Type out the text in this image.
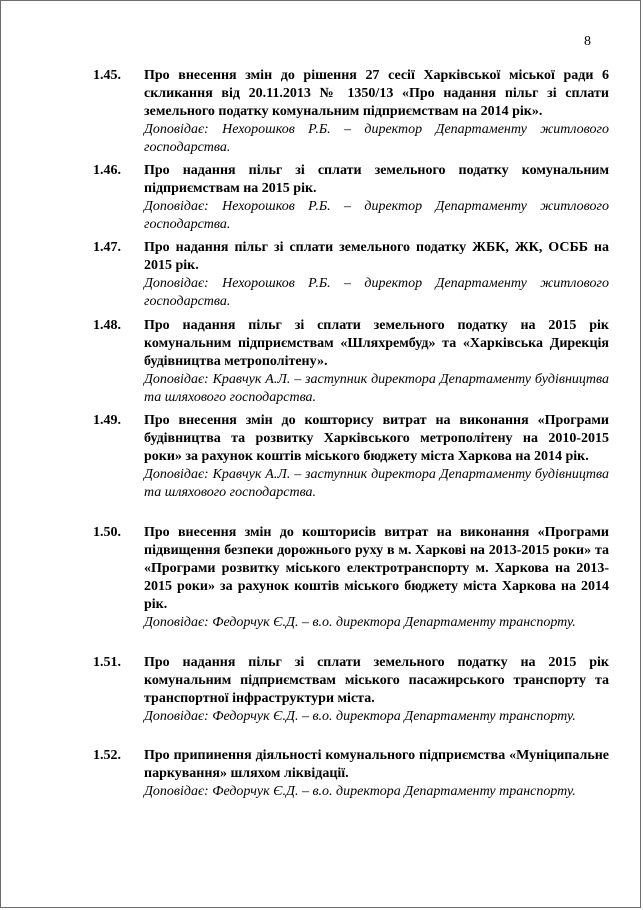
8
1.45. Про внесення змін до рішення 27 сесії Харківської міської ради 6 скликання від 20.11.2013 № 1350/13 «Про надання пільг зі сплати земельного податку комунальним підприємствам на 2014 рік».

Доповідає: Нехорошков Р.Б. – директор Департаменту житлового господарства.

1.46. Про надання пільг зі сплати земельного податку комунальним підприємствам на 2015 рік.

Доповідає: Нехорошков Р.Б. – директор Департаменту житлового господарства.

1.47. Про надання пільг зі сплати земельного податку ЖБК, ЖК, ОСББ на 2015 рік.

Доповідає: Нехорошков Р.Б. – директор Департаменту житлового господарства.

1.48. Про надання пільг зі сплати земельного податку на 2015 рік комунальним підприємствам «Шляхрембуд» та «Харківська Дирекція будівництва метрополітену».

Доповідає: Кравчук А.Л. – заступник директора Департаменту будівництва та шляхового господарства.

1.49. Про внесення змін до кошторису витрат на виконання «Програми будівництва та розвитку Харківського метрополітену на 2010-2015 роки» за рахунок коштів міського бюджету міста Харкова на 2014 рік.

Доповідає: Кравчук А.Л. – заступник директора Департаменту будівництва та шляхового господарства.

1.50. Про внесення змін до кошторисів витрат на виконання «Програми підвищення безпеки дорожнього руху в м. Харкові на 2013-2015 роки» та «Програми розвитку міського електротранспорту м. Харкова на 2013-2015 роки» за рахунок коштів міського бюджету міста Харкова на 2014 рік.

Доповідає: Федорчук Є.Д. – в.о. директора Департаменту транспорту.

1.51. Про надання пільг зі сплати земельного податку на 2015 рік комунальним підприємствам міського пасажирського транспорту та транспортної інфраструктури міста.

Доповідає: Федорчук Є.Д. – в.о. директора Департаменту транспорту.

1.52. Про припинення діяльності комунального підприємства «Муніципальне паркування» шляхом ліквідації.

Доповідає: Федорчук Є.Д. – в.о. директора Департаменту транспорту.
